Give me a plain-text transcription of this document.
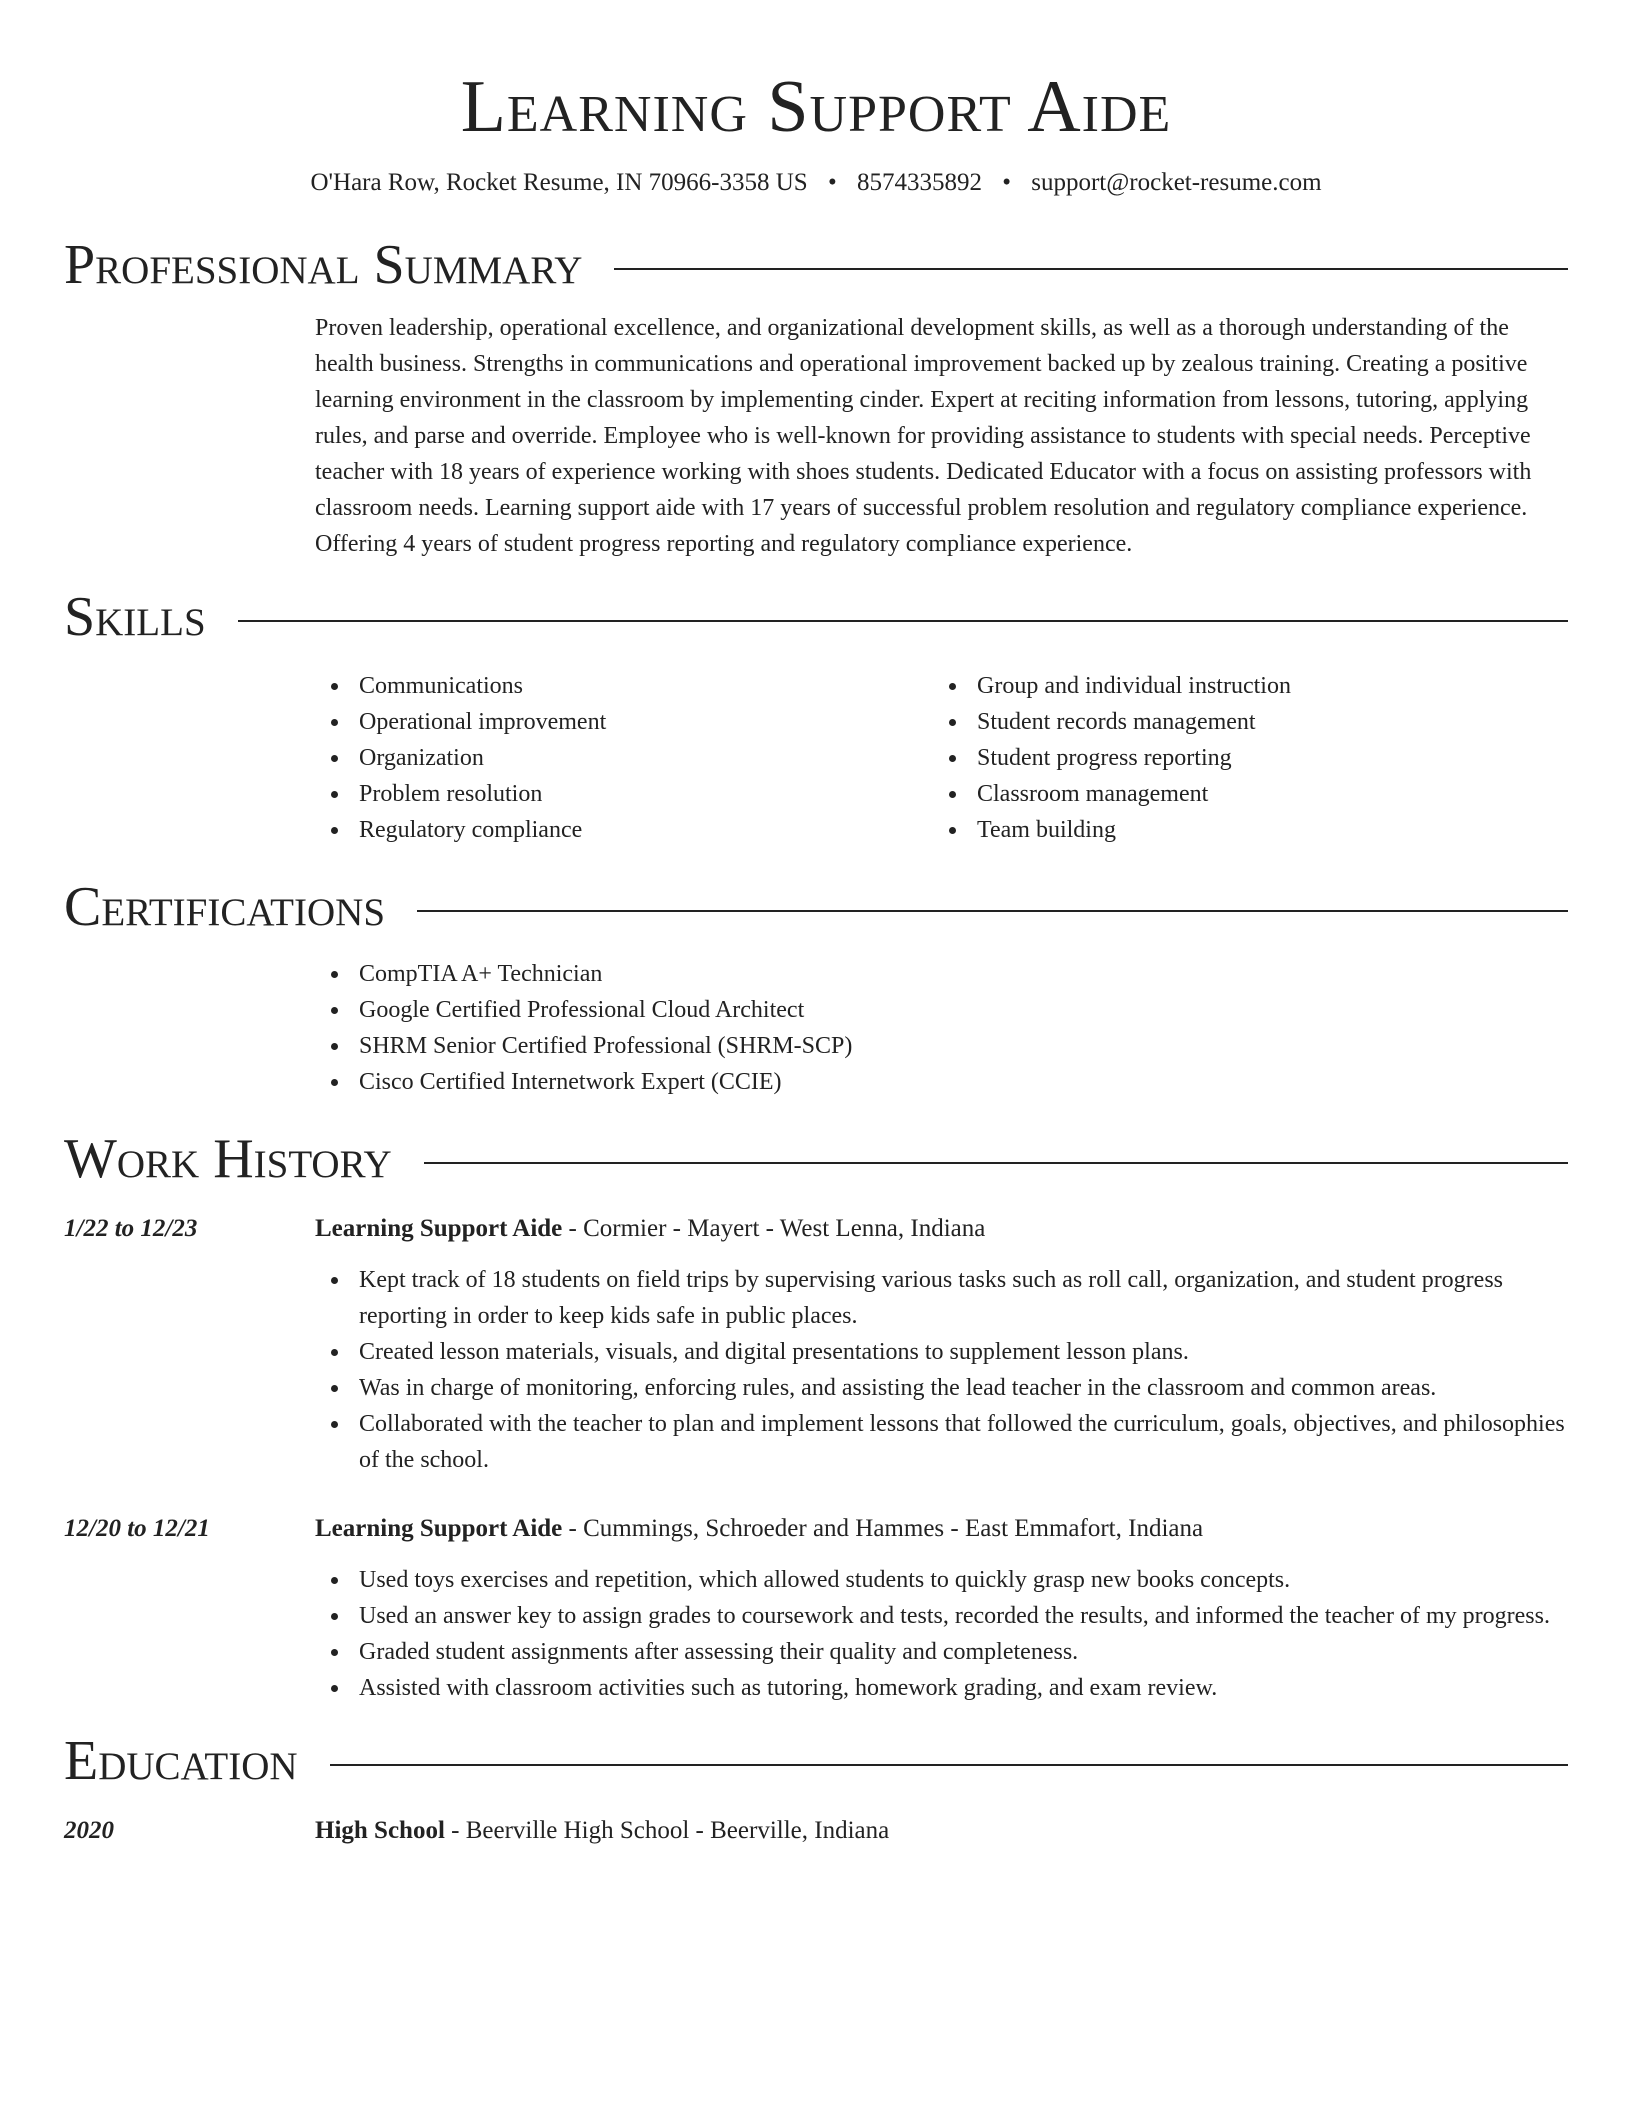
Learning Support Aide
O'Hara Row, Rocket Resume, IN 70966-3358 US • 8574335892 • support@rocket-resume.com
Professional Summary

Proven leadership, operational excellence, and organizational development skills, as well as a thorough understanding of the health business. Strengths in communications and operational improvement backed up by zealous training. Creating a positive learning environment in the classroom by implementing cinder. Expert at reciting information from lessons, tutoring, applying rules, and parse and override. Employee who is well-known for providing assistance to students with special needs. Perceptive teacher with 18 years of experience working with shoes students. Dedicated Educator with a focus on assisting professors with classroom needs. Learning support aide with 17 years of successful problem resolution and regulatory compliance experience. Offering 4 years of student progress reporting and regulatory compliance experience.

Skills
Communications
Operational improvement
Organization
Problem resolution
Regulatory compliance
Group and individual instruction
Student records management
Student progress reporting
Classroom management
Team building
Certifications
CompTIA A+ Technician
Google Certified Professional Cloud Architect
SHRM Senior Certified Professional (SHRM-SCP)
Cisco Certified Internetwork Expert (CCIE)
Work History
1/22 to 12/23	Learning Support Aide - Cormier - Mayert - West Lenna, Indiana
Kept track of 18 students on field trips by supervising various tasks such as roll call, organization, and student progress reporting in order to keep kids safe in public places.
Created lesson materials, visuals, and digital presentations to supplement lesson plans.
Was in charge of monitoring, enforcing rules, and assisting the lead teacher in the classroom and common areas.
Collaborated with the teacher to plan and implement lessons that followed the curriculum, goals, objectives, and philosophies of the school.
12/20 to 12/21	Learning Support Aide - Cummings, Schroeder and Hammes - East Emmafort, Indiana
Used toys exercises and repetition, which allowed students to quickly grasp new books concepts.
Used an answer key to assign grades to coursework and tests, recorded the results, and informed the teacher of my progress.
Graded student assignments after assessing their quality and completeness.
Assisted with classroom activities such as tutoring, homework grading, and exam review.
Education
2020	High School - Beerville High School - Beerville, Indiana
